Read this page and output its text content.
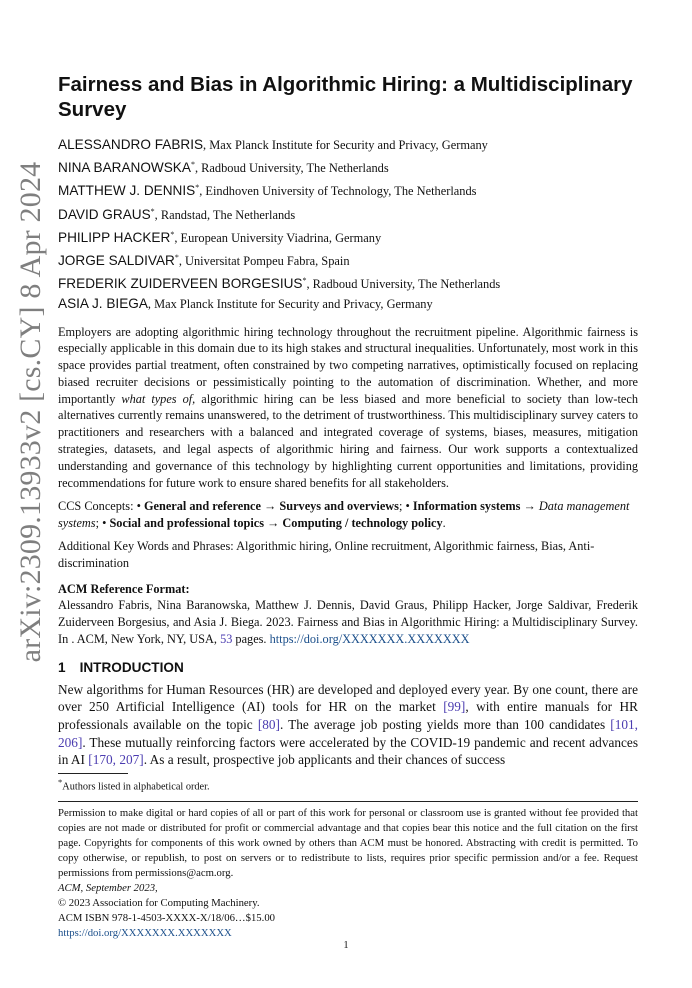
arXiv:2309.13933v2 [cs.CY] 8 Apr 2024
Fairness and Bias in Algorithmic Hiring: a Multidisciplinary Survey
ALESSANDRO FABRIS, Max Planck Institute for Security and Privacy, Germany
NINA BARANOWSKA*, Radboud University, The Netherlands
MATTHEW J. DENNIS*, Eindhoven University of Technology, The Netherlands
DAVID GRAUS*, Randstad, The Netherlands
PHILIPP HACKER*, European University Viadrina, Germany
JORGE SALDIVAR*, Universitat Pompeu Fabra, Spain
FREDERIK ZUIDERVEEN BORGESIUS*, Radboud University, The Netherlands
ASIA J. BIEGA, Max Planck Institute for Security and Privacy, Germany

Employers are adopting algorithmic hiring technology throughout the recruitment pipeline. Algorithmic fairness is especially applicable in this domain due to its high stakes and structural inequalities. Unfortunately, most work in this space provides partial treatment, often constrained by two competing narratives, optimistically focused on replacing biased recruiter decisions or pessimistically pointing to the automation of discrimination. Whether, and more importantly what types of, algorithmic hiring can be less biased and more beneficial to society than low-tech alternatives currently remains unanswered, to the detriment of trustworthiness. This multidisciplinary survey caters to practitioners and researchers with a balanced and integrated coverage of systems, biases, measures, mitigation strategies, datasets, and legal aspects of algorithmic hiring and fairness. Our work supports a contextualized understanding and governance of this technology by highlighting current opportunities and limitations, providing recommendations for future work to ensure shared benefits for all stakeholders.

CCS Concepts: • General and reference → Surveys and overviews; • Information systems → Data management systems; • Social and professional topics → Computing / technology policy.

Additional Key Words and Phrases: Algorithmic hiring, Online recruitment, Algorithmic fairness, Bias, Anti-discrimination

ACM Reference Format:

Alessandro Fabris, Nina Baranowska, Matthew J. Dennis, David Graus, Philipp Hacker, Jorge Saldivar, Frederik Zuiderveen Borgesius, and Asia J. Biega. 2023. Fairness and Bias in Algorithmic Hiring: a Multidisciplinary Survey. In . ACM, New York, NY, USA, 53 pages. https://doi.org/XXXXXXX.XXXXXXX

1 INTRODUCTION

New algorithms for Human Resources (HR) are developed and deployed every year. By one count, there are over 250 Artificial Intelligence (AI) tools for HR on the market [99], with entire manuals for HR professionals available on the topic [80]. The average job posting yields more than 100 candidates [101, 206]. These mutually reinforcing factors were accelerated by the COVID-19 pandemic and recent advances in AI [170, 207]. As a result, prospective job applicants and their chances of success

*Authors listed in alphabetical order.

Permission to make digital or hard copies of all or part of this work for personal or classroom use is granted without fee provided that copies are not made or distributed for profit or commercial advantage and that copies bear this notice and the full citation on the first page. Copyrights for components of this work owned by others than ACM must be honored. Abstracting with credit is permitted. To copy otherwise, or republish, to post on servers or to redistribute to lists, requires prior specific permission and/or a fee. Request permissions from permissions@acm.org.

ACM, September 2023,
© 2023 Association for Computing Machinery.
ACM ISBN 978-1-4503-XXXX-X/18/06…$15.00
https://doi.org/XXXXXXX.XXXXXXX
1
